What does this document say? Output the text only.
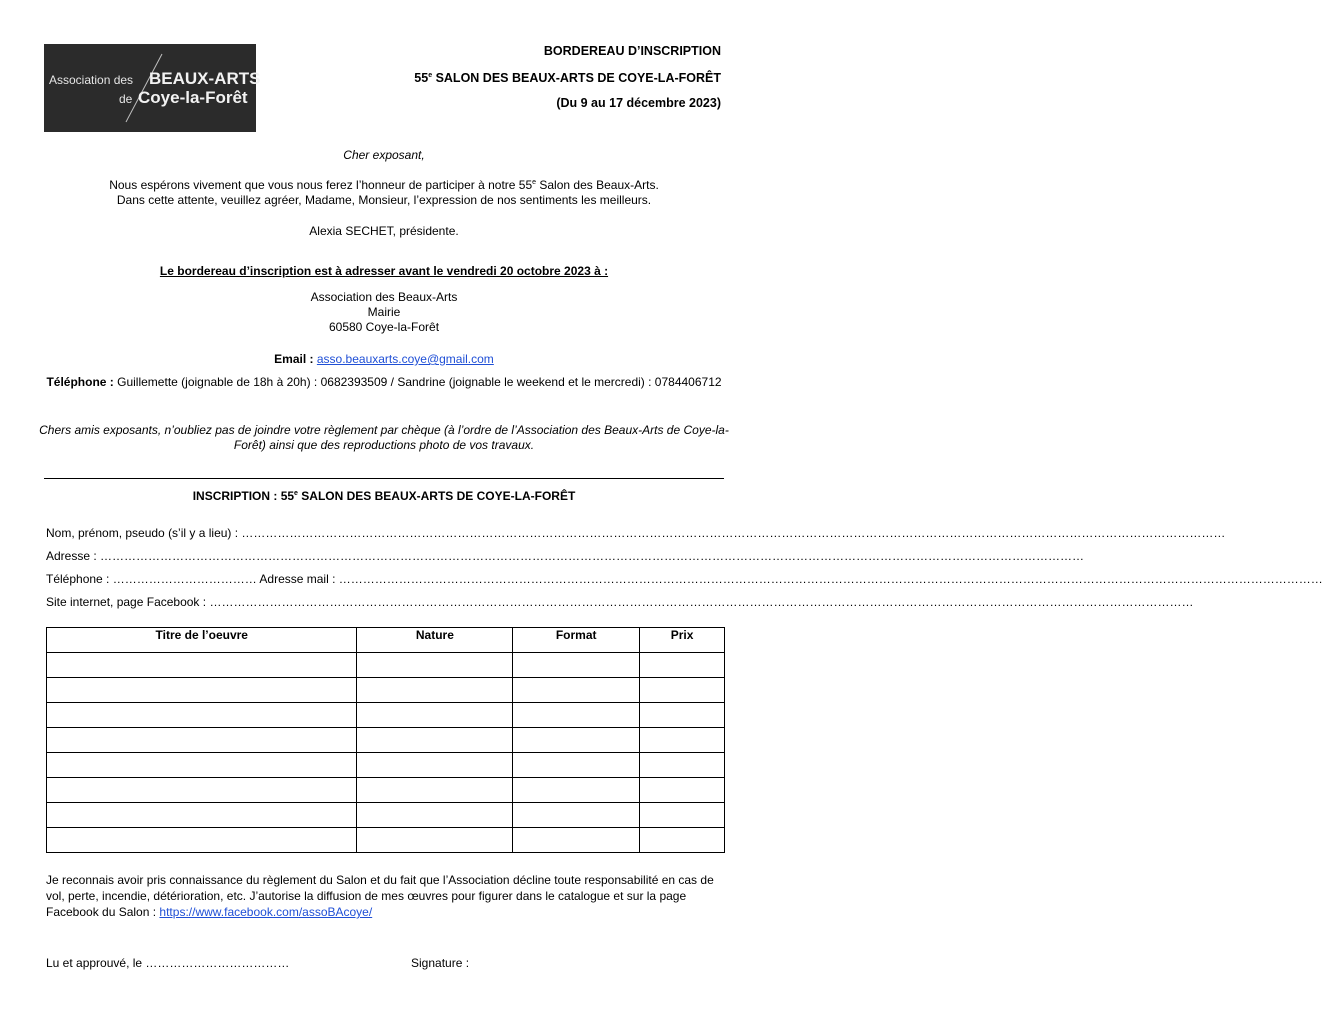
Association des BEAUX-ARTS
de Coye-la-Forêt
BORDEREAU D’INSCRIPTION
55e SALON DES BEAUX-ARTS DE COYE-LA-FORÊT
(Du 9 au 17 décembre 2023)
Cher exposant,
Nous espérons vivement que vous nous ferez l’honneur de participer à notre 55e Salon des Beaux-Arts.
Dans cette attente, veuillez agréer, Madame, Monsieur, l’expression de nos sentiments les meilleurs.
Alexia SECHET, présidente.
Le bordereau d’inscription est à adresser avant le vendredi 20 octobre 2023 à :
Association des Beaux-Arts
Mairie
60580 Coye-la-Forêt
Email : asso.beauxarts.coye@gmail.com
Téléphone : Guillemette (joignable de 18h à 20h) : 0682393509 / Sandrine (joignable le weekend et le mercredi) : 0784406712
Chers amis exposants, n’oubliez pas de joindre votre règlement par chèque (à l’ordre de l’Association des Beaux-Arts de Coye-la-
Forêt) ainsi que des reproductions photo de vos travaux.
INSCRIPTION : 55e SALON DES BEAUX-ARTS DE COYE-LA-FORÊT
Nom, prénom, pseudo (s’il y a lieu) : …………………………………………………………………………………………………………………………………………………………………………………………………………………………
Adresse : …………………………………………………………………………………………………………………………………………………………………………………………………………………………
Téléphone : ……………………………… Adresse mail : …………………………………………………………………………………………………………………………………………………………………………………………………………………………
Site internet, page Facebook : …………………………………………………………………………………………………………………………………………………………………………………………………………………………
Titre de l’oeuvre	Nature	Format	Prix

Je reconnais avoir pris connaissance du règlement du Salon et du fait que l’Association décline toute responsabilité en cas de vol, perte, incendie, détérioration, etc. J’autorise la diffusion de mes œuvres pour figurer dans le catalogue et sur la page Facebook du Salon : https://www.facebook.com/assoBAcoye/
Lu et approuvé, le ………………………………	Signature :
